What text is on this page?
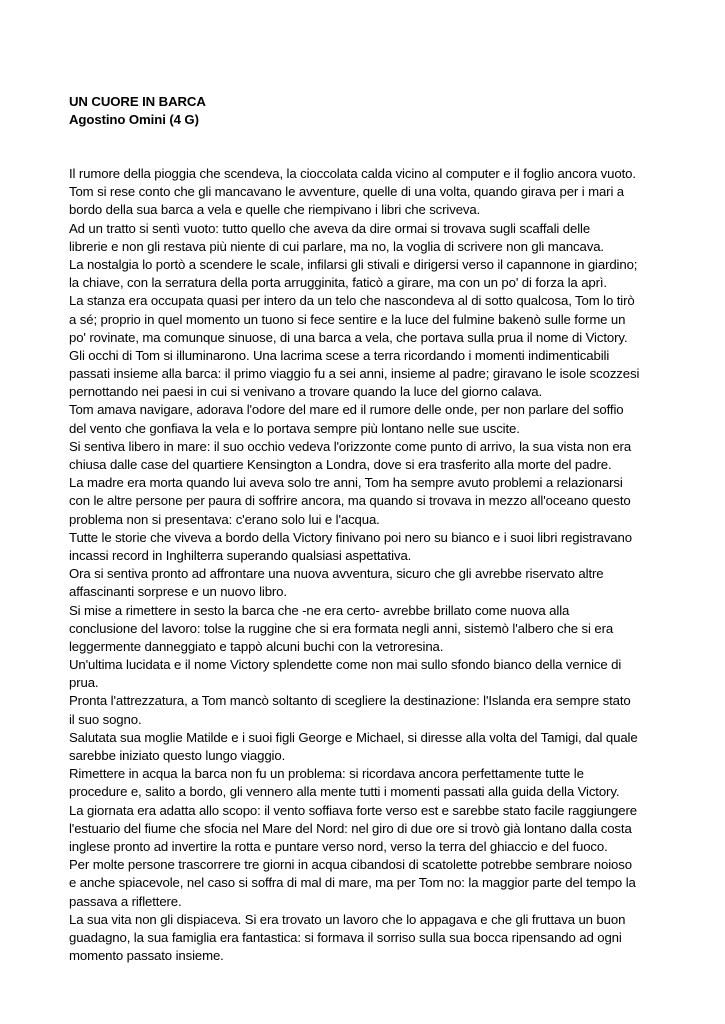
UN CUORE IN BARCA
Agostino Omini (4 G)
Il rumore della pioggia che scendeva, la cioccolata calda vicino al computer e il foglio ancora vuoto.
Tom si rese conto che gli mancavano le avventure, quelle di una volta, quando girava per i mari a
bordo della sua barca a vela e quelle che riempivano i libri che scriveva.
Ad un tratto si sentì vuoto: tutto quello che aveva da dire ormai si trovava sugli scaffali delle
librerie e non gli restava più niente di cui parlare, ma no, la voglia di scrivere non gli mancava.
La nostalgia lo portò a scendere le scale, infilarsi gli stivali e dirigersi verso il capannone in giardino;
la chiave, con la serratura della porta arrugginita, faticò a girare, ma con un po' di forza la aprì.
La stanza era occupata quasi per intero da un telo che nascondeva al di sotto qualcosa, Tom lo tirò
a sé; proprio in quel momento un tuono si fece sentire e la luce del fulmine bakenò sulle forme un
po' rovinate, ma comunque sinuose, di una barca a vela, che portava sulla prua il nome di Victory.
Gli occhi di Tom si illuminarono. Una lacrima scese a terra ricordando i momenti indimenticabili
passati insieme alla barca: il primo viaggio fu a sei anni, insieme al padre; giravano le isole scozzesi
pernottando nei paesi in cui si venivano a trovare quando la luce del giorno calava.
Tom amava navigare, adorava l'odore del mare ed il rumore delle onde, per non parlare del soffio
del vento che gonfiava la vela e lo portava sempre più lontano nelle sue uscite.
Si sentiva libero in mare: il suo occhio vedeva l'orizzonte come punto di arrivo, la sua vista non era
chiusa dalle case del quartiere Kensington a Londra, dove si era trasferito alla morte del padre.
La madre era morta quando lui aveva solo tre anni, Tom ha sempre avuto problemi a relazionarsi
con le altre persone per paura di soffrire ancora, ma quando si trovava in mezzo all'oceano questo
problema non si presentava: c'erano solo lui e l'acqua.
Tutte le storie che viveva a bordo della Victory finivano poi nero su bianco e i suoi libri registravano
incassi record in Inghilterra superando qualsiasi aspettativa.
Ora si sentiva pronto ad affrontare una nuova avventura, sicuro che gli avrebbe riservato altre
affascinanti sorprese e un nuovo libro.
Si mise a rimettere in sesto la barca che -ne era certo- avrebbe brillato come nuova alla
conclusione del lavoro: tolse la ruggine che si era formata negli anni, sistemò l'albero che si era
leggermente danneggiato e tappò alcuni buchi con la vetroresina.
Un'ultima lucidata e il nome Victory splendette come non mai sullo sfondo bianco della vernice di
prua.
Pronta l'attrezzatura, a Tom mancò soltanto di scegliere la destinazione: l'Islanda era sempre stato
il suo sogno.
Salutata sua moglie Matilde e i suoi figli George e Michael, si diresse alla volta del Tamigi, dal quale
sarebbe iniziato questo lungo viaggio.
Rimettere in acqua la barca non fu un problema: si ricordava ancora perfettamente tutte le
procedure e, salito a bordo, gli vennero alla mente tutti i momenti passati alla guida della Victory.
La giornata era adatta allo scopo: il vento soffiava forte verso est e sarebbe stato facile raggiungere
l'estuario del fiume che sfocia nel Mare del Nord: nel giro di due ore si trovò già lontano dalla costa
inglese pronto ad invertire la rotta e puntare verso nord, verso la terra del ghiaccio e del fuoco.
Per molte persone trascorrere tre giorni in acqua cibandosi di scatolette potrebbe sembrare noioso
e anche spiacevole, nel caso si soffra di mal di mare, ma per Tom no: la maggior parte del tempo la
passava a riflettere.
La sua vita non gli dispiaceva. Si era trovato un lavoro che lo appagava e che gli fruttava un buon
guadagno, la sua famiglia era fantastica: si formava il sorriso sulla sua bocca ripensando ad ogni
momento passato insieme.
